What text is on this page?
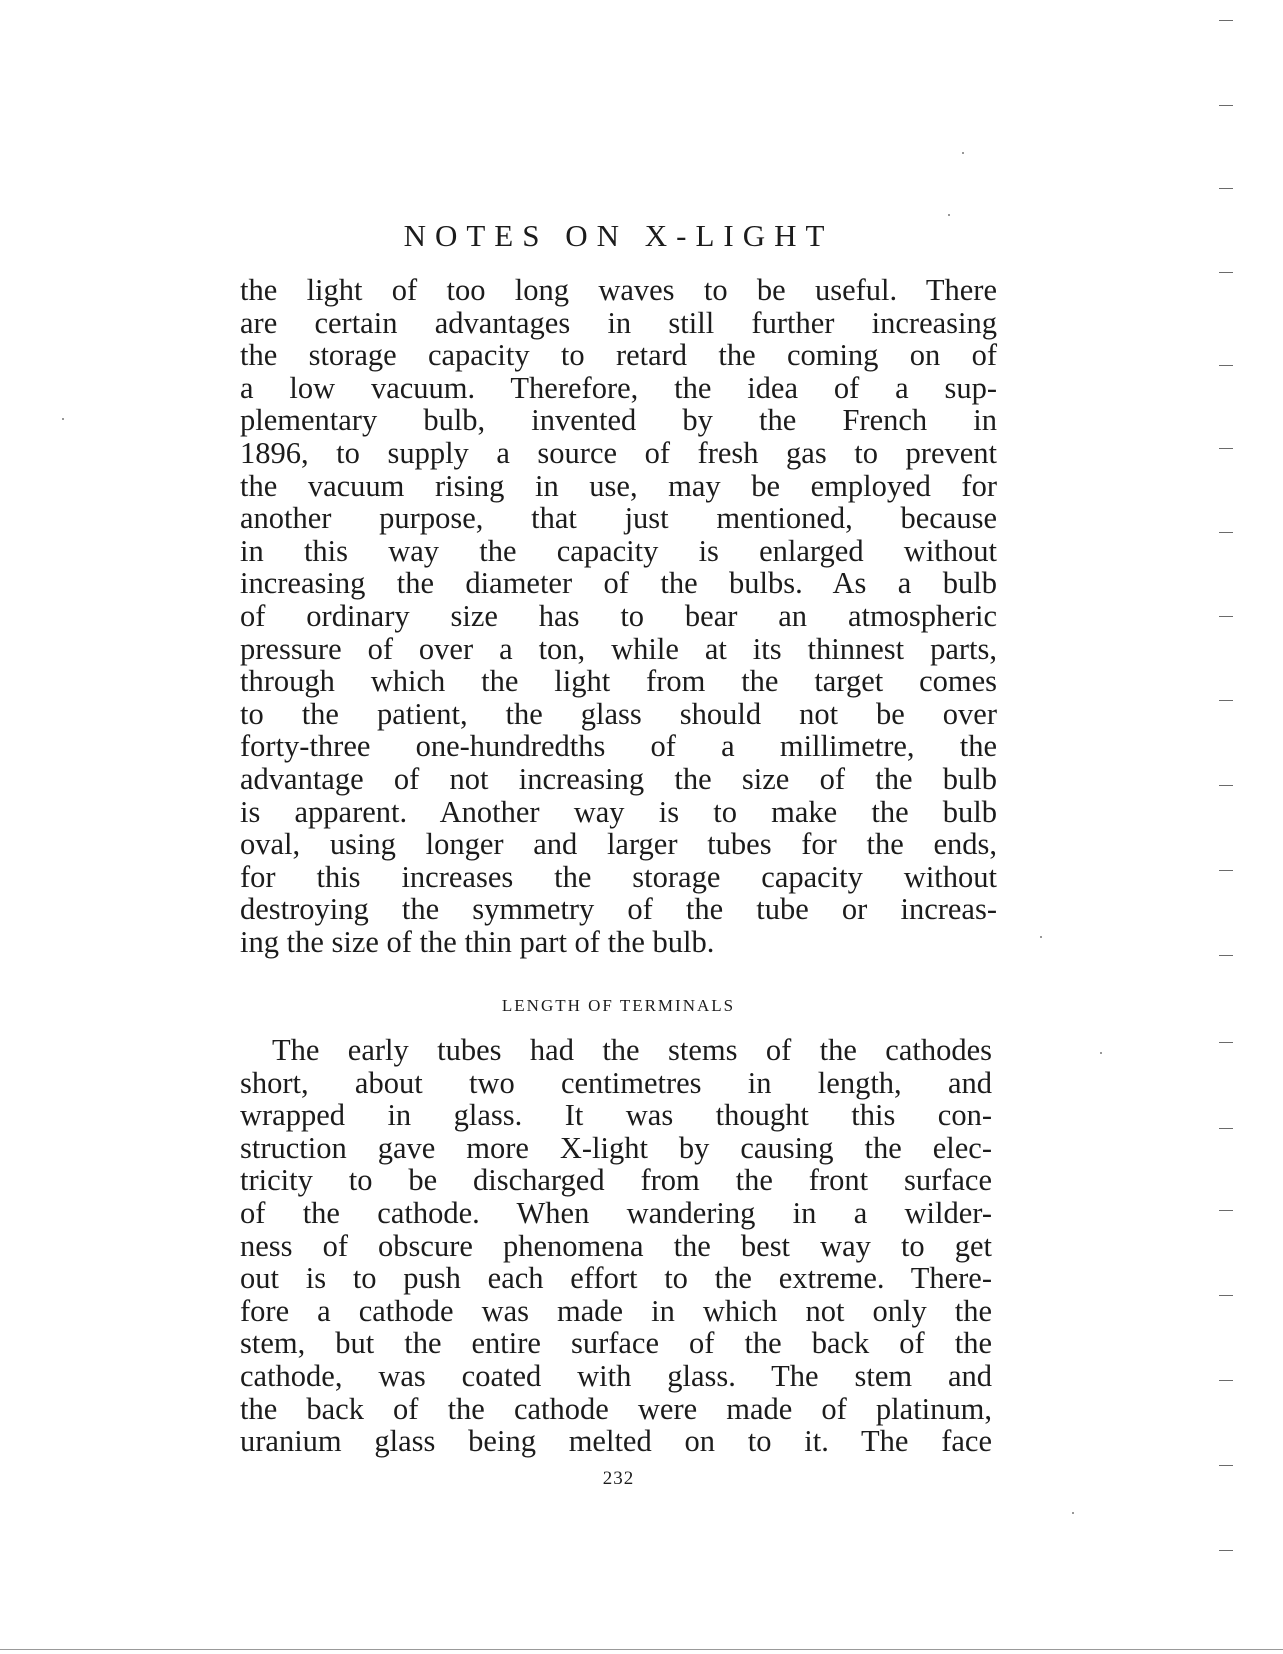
NOTES ON X-LIGHT
the light of too long waves to be useful. There
are certain advantages in still further increasing
the storage capacity to retard the coming on of
a low vacuum. Therefore, the idea of a sup-
plementary bulb, invented by the French in
1896, to supply a source of fresh gas to prevent
the vacuum rising in use, may be employed for
another purpose, that just mentioned, because
in this way the capacity is enlarged without
increasing the diameter of the bulbs. As a bulb
of ordinary size has to bear an atmospheric
pressure of over a ton, while at its thinnest parts,
through which the light from the target comes
to the patient, the glass should not be over
forty-three one-hundredths of a millimetre, the
advantage of not increasing the size of the bulb
is apparent. Another way is to make the bulb
oval, using longer and larger tubes for the ends,
for this increases the storage capacity without
destroying the symmetry of the tube or increas-
ing the size of the thin part of the bulb.
LENGTH OF TERMINALS
The early tubes had the stems of the cathodes
short, about two centimetres in length, and
wrapped in glass. It was thought this con-
struction gave more X-light by causing the elec-
tricity to be discharged from the front surface
of the cathode. When wandering in a wilder-
ness of obscure phenomena the best way to get
out is to push each effort to the extreme. There-
fore a cathode was made in which not only the
stem, but the entire surface of the back of the
cathode, was coated with glass. The stem and
the back of the cathode were made of platinum,
uranium glass being melted on to it. The face
232
